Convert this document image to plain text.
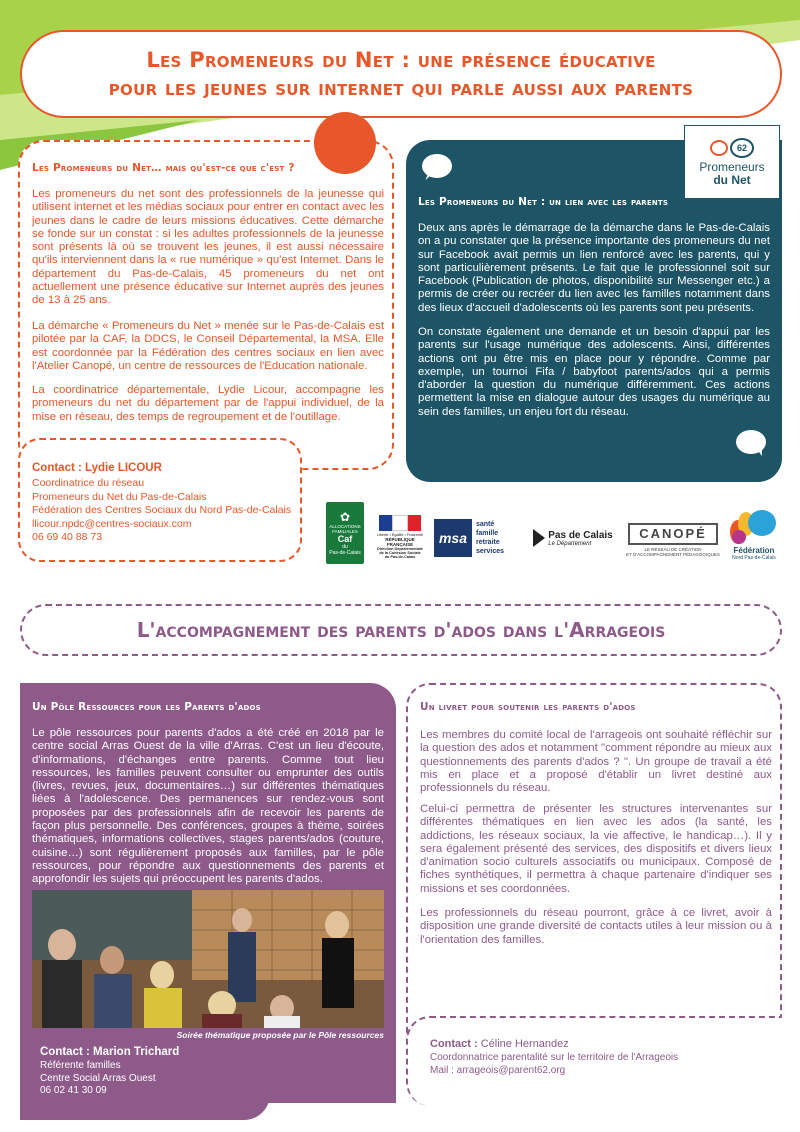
Les Promeneurs du Net : une présence éducative
pour les jeunes sur internet qui parle aussi aux parents
Les Promeneurs du Net… mais qu'est-ce que c'est ?

Les promeneurs du net sont des professionnels de la jeunesse qui utilisent internet et les médias sociaux pour entrer en contact avec les jeunes dans le cadre de leurs missions éducatives. Cette démarche se fonde sur un constat : si les adultes professionnels de la jeunesse sont présents là où se trouvent les jeunes, il est aussi nécessaire qu'ils interviennent dans la « rue numérique » qu'est Internet. Dans le département du Pas-de-Calais, 45 promeneurs du net ont actuellement une présence éducative sur Internet auprès des jeunes de 13 à 25 ans.

La démarche « Promeneurs du Net » menée sur le Pas-de-Calais est pilotée par la CAF, la DDCS, le Conseil Départemental, la MSA. Elle est coordonnée par la Fédération des centres sociaux en lien avec l'Atelier Canopé, un centre de ressources de l'Education nationale.

La coordinatrice départementale, Lydie Licour, accompagne les promeneurs du net du département par de l'appui individuel, de la mise en réseau, des temps de regroupement et de l'outillage.

Contact : Lydie LICOUR
Coordinatrice du réseau
Promeneurs du Net du Pas-de-Calais
Fédération des Centres Sociaux du Nord Pas-de-Calais
llicour.npdc@centres-sociaux.com
06 69 40 88 73
Les Promeneurs du Net : un lien avec les parents

Deux ans après le démarrage de la démarche dans le Pas-de-Calais on a pu constater que la présence importante des promeneurs du net sur Facebook avait permis un lien renforcé avec les parents, qui y sont particulièrement présents. Le fait que le professionnel soit sur Facebook (Publication de photos, disponibilité sur Messenger etc.) a permis de créer ou recréer du lien avec les familles notamment dans des lieux d'accueil d'adolescents où les parents sont peu présents.

On constate également une demande et un besoin d'appui par les parents sur l'usage numérique des adolescents. Ainsi, différentes actions ont pu être mis en place pour y répondre. Comme par exemple, un tournoi Fifa / babyfoot parents/ados qui a permis d'aborder la question du numérique différemment. Ces actions permettent la mise en dialogue autour des usages du numérique au sein des familles, un enjeu fort du réseau.

62
Promeneurs
du Net
✿
ALLOCATIONS
FAMILIALES
Caf
du
Pas-de-Calais
Liberté • Égalité • Fraternité
RÉPUBLIQUE FRANÇAISE
Direction Départementale
de la Cohésion Sociale
du Pas-de-Calais
msa
santé
famille
retraite
services
Pas de Calais
Le Département
CANOPÉ
LE RÉSEAU DE CRÉATION
ET D'ACCOMPAGNEMENT PÉDAGOGIQUES Fédération
Nord Pas-de-Calais
L'accompagnement des parents d'ados dans l'Arrageois
Un Pôle Ressources pour les Parents d'ados

Le pôle ressources pour parents d'ados a été créé en 2018 par le centre social Arras Ouest de la ville d'Arras. C'est un lieu d'écoute, d'informations, d'échanges entre parents. Comme tout lieu ressources, les familles peuvent consulter ou emprunter des outils (livres, revues, jeux, documentaires…) sur différentes thématiques liées à l'adolescence. Des permanences sur rendez-vous sont proposées par des professionnels afin de recevoir les parents de façon plus personnelle. Des conférences, groupes à thème, soirées thématiques, informations collectives, stages parents/ados (couture, cuisine…) sont régulièrement proposés aux familles, par le pôle ressources, pour répondre aux questionnements des parents et approfondir les sujets qui préoccupent les parents d'ados.

Soirée thématique proposée par le Pôle ressources
Contact : Marion Trichard
Référente familles
Centre Social Arras Ouest
06 02 41 30 09
Un livret pour soutenir les parents d'ados

Les membres du comité local de l'arrageois ont souhaité réfléchir sur la question des ados et notamment "comment répondre au mieux aux questionnements des parents d'ados ? ". Un groupe de travail a été mis en place et a proposé d'établir un livret destiné aux professionnels du réseau.

Celui-ci permettra de présenter les structures intervenantes sur différentes thématiques en lien avec les ados (la santé, les addictions, les réseaux sociaux, la vie affective, le handicap…). Il y sera également présenté des services, des dispositifs et divers lieux d'animation socio culturels associatifs ou municipaux. Composé de fiches synthétiques, il permettra à chaque partenaire d'indiquer ses missions et ses coordonnées.

Les professionnels du réseau pourront, grâce à ce livret, avoir à disposition une grande diversité de contacts utiles à leur mission ou à l'orientation des familles.

Contact : Céline Hernandez
Coordonnatrice parentalité sur le territoire de l'Arrageois
Mail : arrageois@parent62.org
